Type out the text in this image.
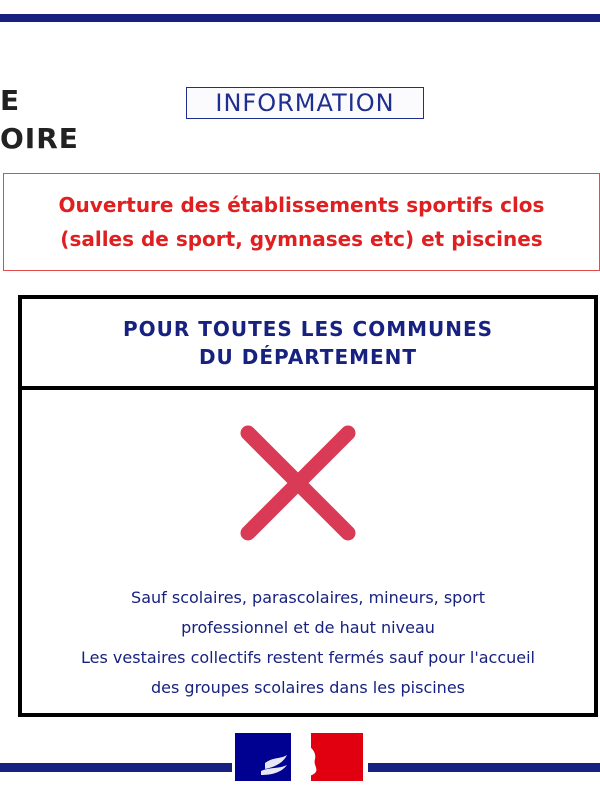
E
OIRE
INFORMATION
Ouverture des établissements sportifs clos
(salles de sport, gymnases etc) et piscines
POUR TOUTES LES COMMUNES
DU DÉPARTEMENT
Sauf scolaires, parascolaires, mineurs, sport
professionnel et de haut niveau
Les vestaires collectifs restent fermés sauf pour l'accueil
des groupes scolaires dans les piscines
